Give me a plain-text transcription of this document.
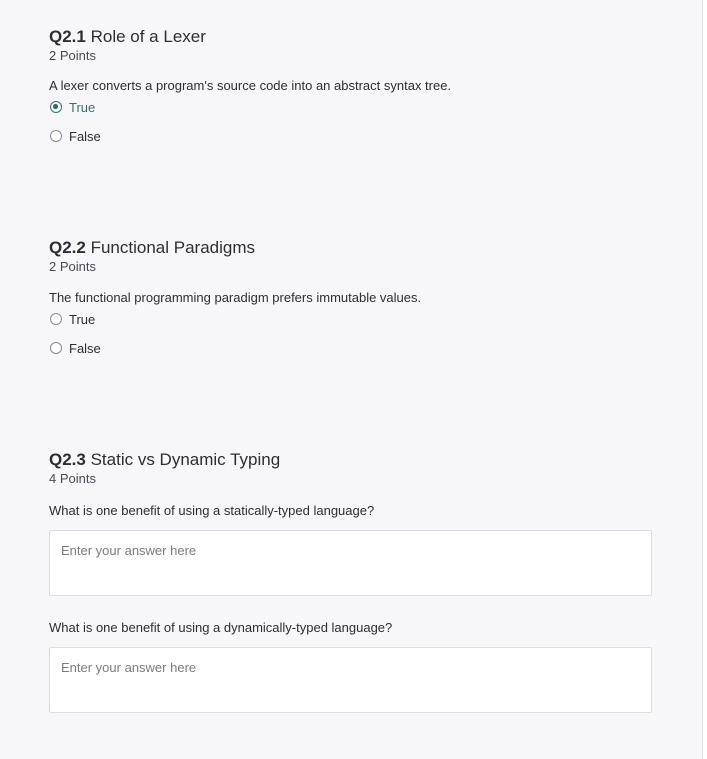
Q2.1 Role of a Lexer
2 Points
A lexer converts a program's source code into an abstract syntax tree.
True
False
Q2.2 Functional Paradigms
2 Points
The functional programming paradigm prefers immutable values.
True
False
Q2.3 Static vs Dynamic Typing
4 Points
What is one benefit of using a statically-typed language?
Enter your answer here
What is one benefit of using a dynamically-typed language?
Enter your answer here
